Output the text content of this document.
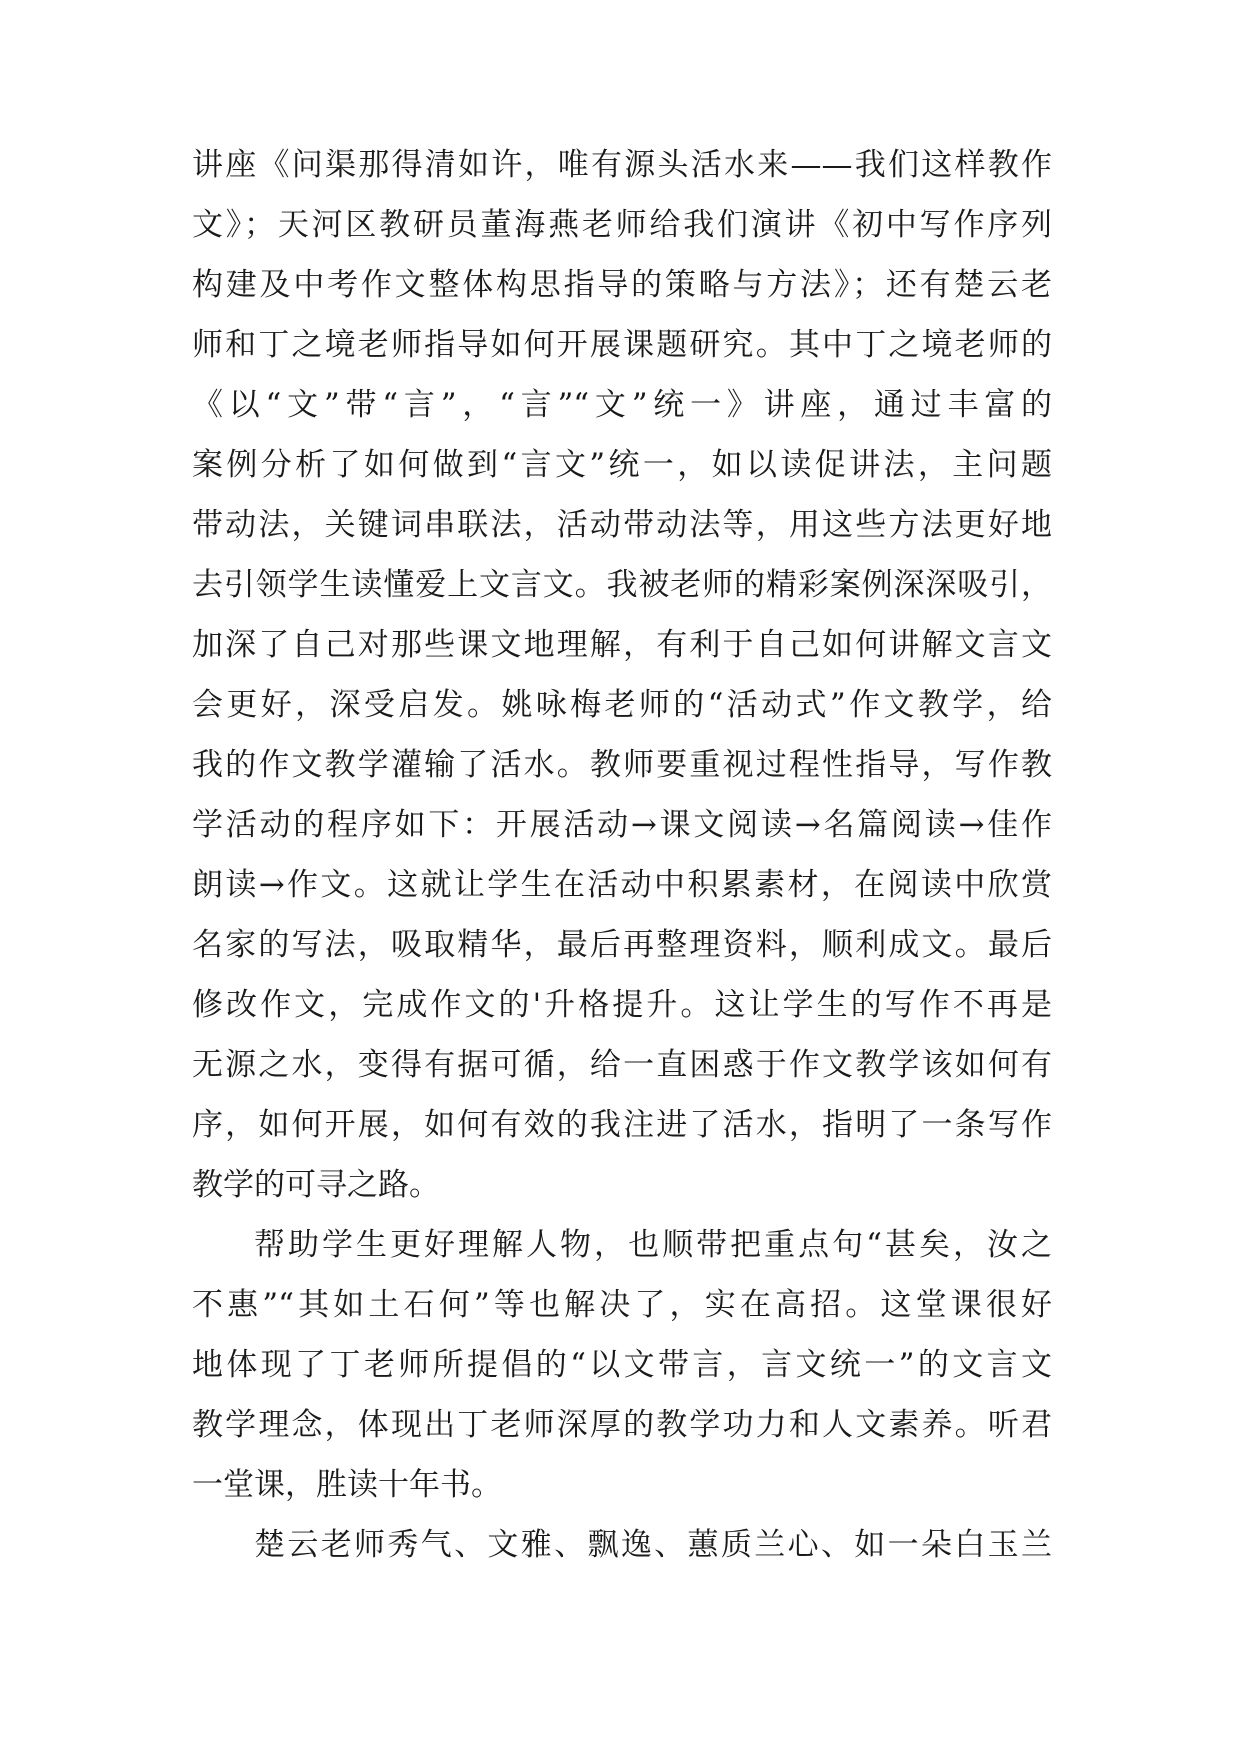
讲座《问渠那得清如许，唯有源头活水来——我们这样教作
文》；天河区教研员董海燕老师给我们演讲《初中写作序列
构建及中考作文整体构思指导的策略与方法》；还有楚云老
师和丁之境老师指导如何开展课题研究。其中丁之境老师的
《以“文”带“言”，“言”“文”统一》讲座，通过丰富的
案例分析了如何做到“言文”统一，如以读促讲法，主问题
带动法，关键词串联法，活动带动法等，用这些方法更好地
去引领学生读懂爱上文言文。我被老师的精彩案例深深吸引，
加深了自己对那些课文地理解，有利于自己如何讲解文言文
会更好，深受启发。姚咏梅老师的“活动式”作文教学，给
我的作文教学灌输了活水。教师要重视过程性指导，写作教
学活动的程序如下：开展活动→课文阅读→名篇阅读→佳作
朗读→作文。这就让学生在活动中积累素材，在阅读中欣赏
名家的写法，吸取精华，最后再整理资料，顺利成文。最后
修改作文，完成作文的'升格提升。这让学生的写作不再是
无源之水，变得有据可循，给一直困惑于作文教学该如何有
序，如何开展，如何有效的我注进了活水，指明了一条写作
教学的可寻之路。
帮助学生更好理解人物，也顺带把重点句“甚矣，汝之
不惠”“其如土石何”等也解决了，实在高招。这堂课很好
地体现了丁老师所提倡的“以文带言，言文统一”的文言文
教学理念，体现出丁老师深厚的教学功力和人文素养。听君
一堂课，胜读十年书。
楚云老师秀气、文雅、飘逸、蕙质兰心、如一朵白玉兰
